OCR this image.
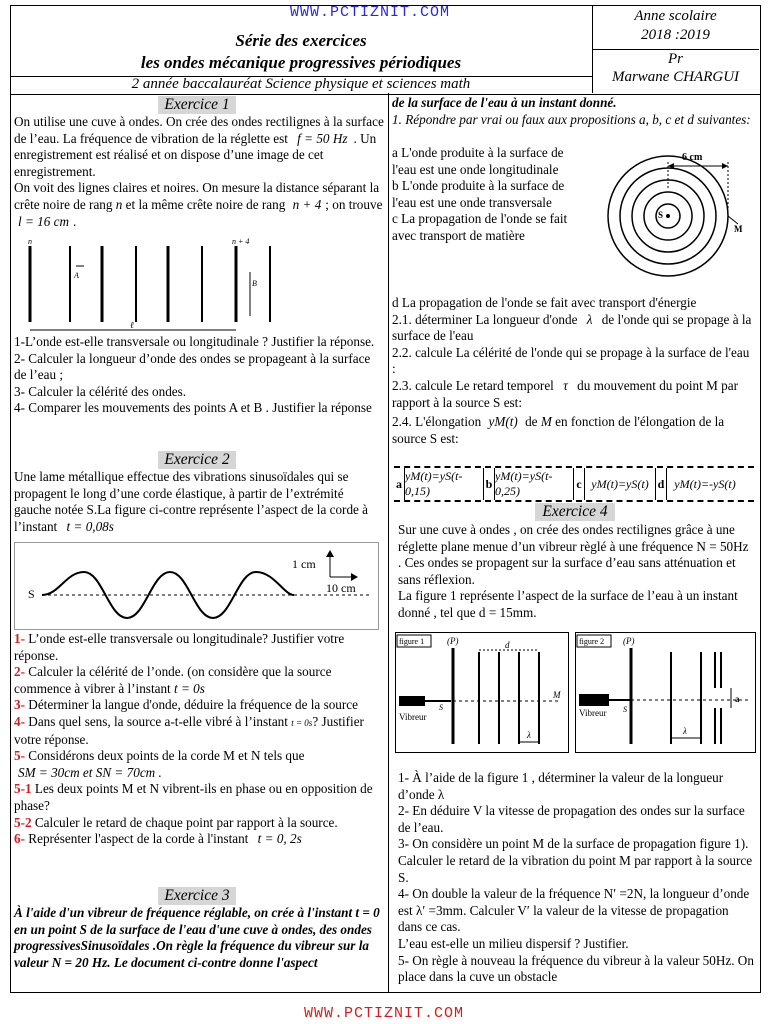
WWW.PCTIZNIT.COM
Série des exercices
les ondes mécanique progressives périodiques
2 année baccalauréat Science physique et sciences math
Anne scolaire
2018 :2019
Pr
Marwane CHARGUI
Exercice 1
On utilise une cuve à ondes. On crée des ondes rectilignes à la surface de l’eau. La fréquence de vibration de la réglette est f = 50 Hz . Un enregistrement est réalisé et on dispose d’une image de cet enregistrement.
On voit des lignes claires et noires. On mesure la distance séparant la crête noire de rang n et la même crête noire de rang n + 4 ; on trouve l = 16 cm .
n	n + 4
A
B
ℓ

1-L’onde est-elle transversale ou longitudinale ? Justifier la réponse.

2- Calculer la longueur d’onde des ondes se propageant à la surface de l’eau ;

3- Calculer la célérité des ondes.

4- Comparer les mouvements des points A et B . Justifier la réponse

Exercice 2
Une lame métallique effectue des vibrations sinusoïdales qui se propagent le long d’une corde élastique, à partir de l’extrémité gauche notée S.La figure ci-contre représente l’aspect de la corde à l’instant t = 0,08s
1 cm
10 cm
S

1- L’onde est-elle transversale ou longitudinale? Justifier votre réponse.

2- Calculer la célérité de l’onde. (on considère que la source commence à vibrer à l’instant t = 0s

3- Déterminer la langue d'onde, déduire la fréquence de la source

4- Dans quel sens, la source a-t-elle vibré à l’instant t = 0s? Justifier votre réponse.

5- Considérons deux points de la corde M et N tels que

SM = 30cm et SN = 70cm .

5-1 Les deux points M et N vibrent-ils en phase ou en opposition de phase?

5-2 Calculer le retard de chaque point par rapport à la source.

6- Représenter l'aspect de la corde à l'instant t = 0, 2s

Exercice 3
À l'aide d'un vibreur de fréquence réglable, on crée à l'instant t = 0 en un point S de la surface de l'eau d'une cuve à ondes, des ondes progressivesSinusoïdales .On règle la fréquence du vibreur sur la valeur N = 20 Hz. Le document ci-contre donne l'aspect

de la surface de l'eau à un instant donné.

1. Répondre par vrai ou faux aux propositions a, b, c et d suivantes:

a L'onde produite à la surface de l'eau est une onde longitudinale

b L'onde produite à la surface de l'eau est une onde transversale

c La propagation de l'onde se fait avec transport de matière

6 cm
S
M

d La propagation de l'onde se fait avec transport d'énergie

2.1. déterminer La longueur d'onde λ de l'onde qui se propage à la surface de l'eau

2.2. calcule La célérité de l'onde qui se propage à la surface de l'eau :

2.3. calcule Le retard temporel τ du mouvement du point M par rapport à la source S est:

2.4. L'élongation yM(t) de M en fonction de l'élongation de la source S est:

a
yM(t)=yS(t-0,15)
b
yM(t)=yS(t-0,25)
c yM(t)=yS(t) d yM(t)=-yS(t)
Exercice 4

Sur une cuve à ondes , on crée des ondes rectilignes grâce à une réglette plane menue d’un vibreur règlé à une fréquence N = 50Hz . Ces ondes se propagent sur la surface d’eau sans atténuation et sans réflexion.

La figure 1 représente l’aspect de la surface de l’eau à un instant donné , tel que d = 15mm.

figure 1	(P)	d
M
S
Vibreur
λ
figure 2 (P)
a
S
Vibreur
λ

1- À l’aide de la figure 1 , déterminer la valeur de la longueur d’onde λ

2- En déduire V la vitesse de propagation des ondes sur la surface de l’eau.

3- On considère un point M de la surface de propagation figure 1). Calculer le retard de la vibration du point M par rapport à la source S.

4- On double la valeur de la fréquence N′ =2N, la longueur d’onde est λ′ =3mm. Calculer V′ la valeur de la vitesse de propagation dans ce cas.

L’eau est-elle un milieu dispersif ? Justifier.

5- On règle à nouveau la fréquence du vibreur à la valeur 50Hz. On place dans la cuve un obstacle

WWW.PCTIZNIT.COM
